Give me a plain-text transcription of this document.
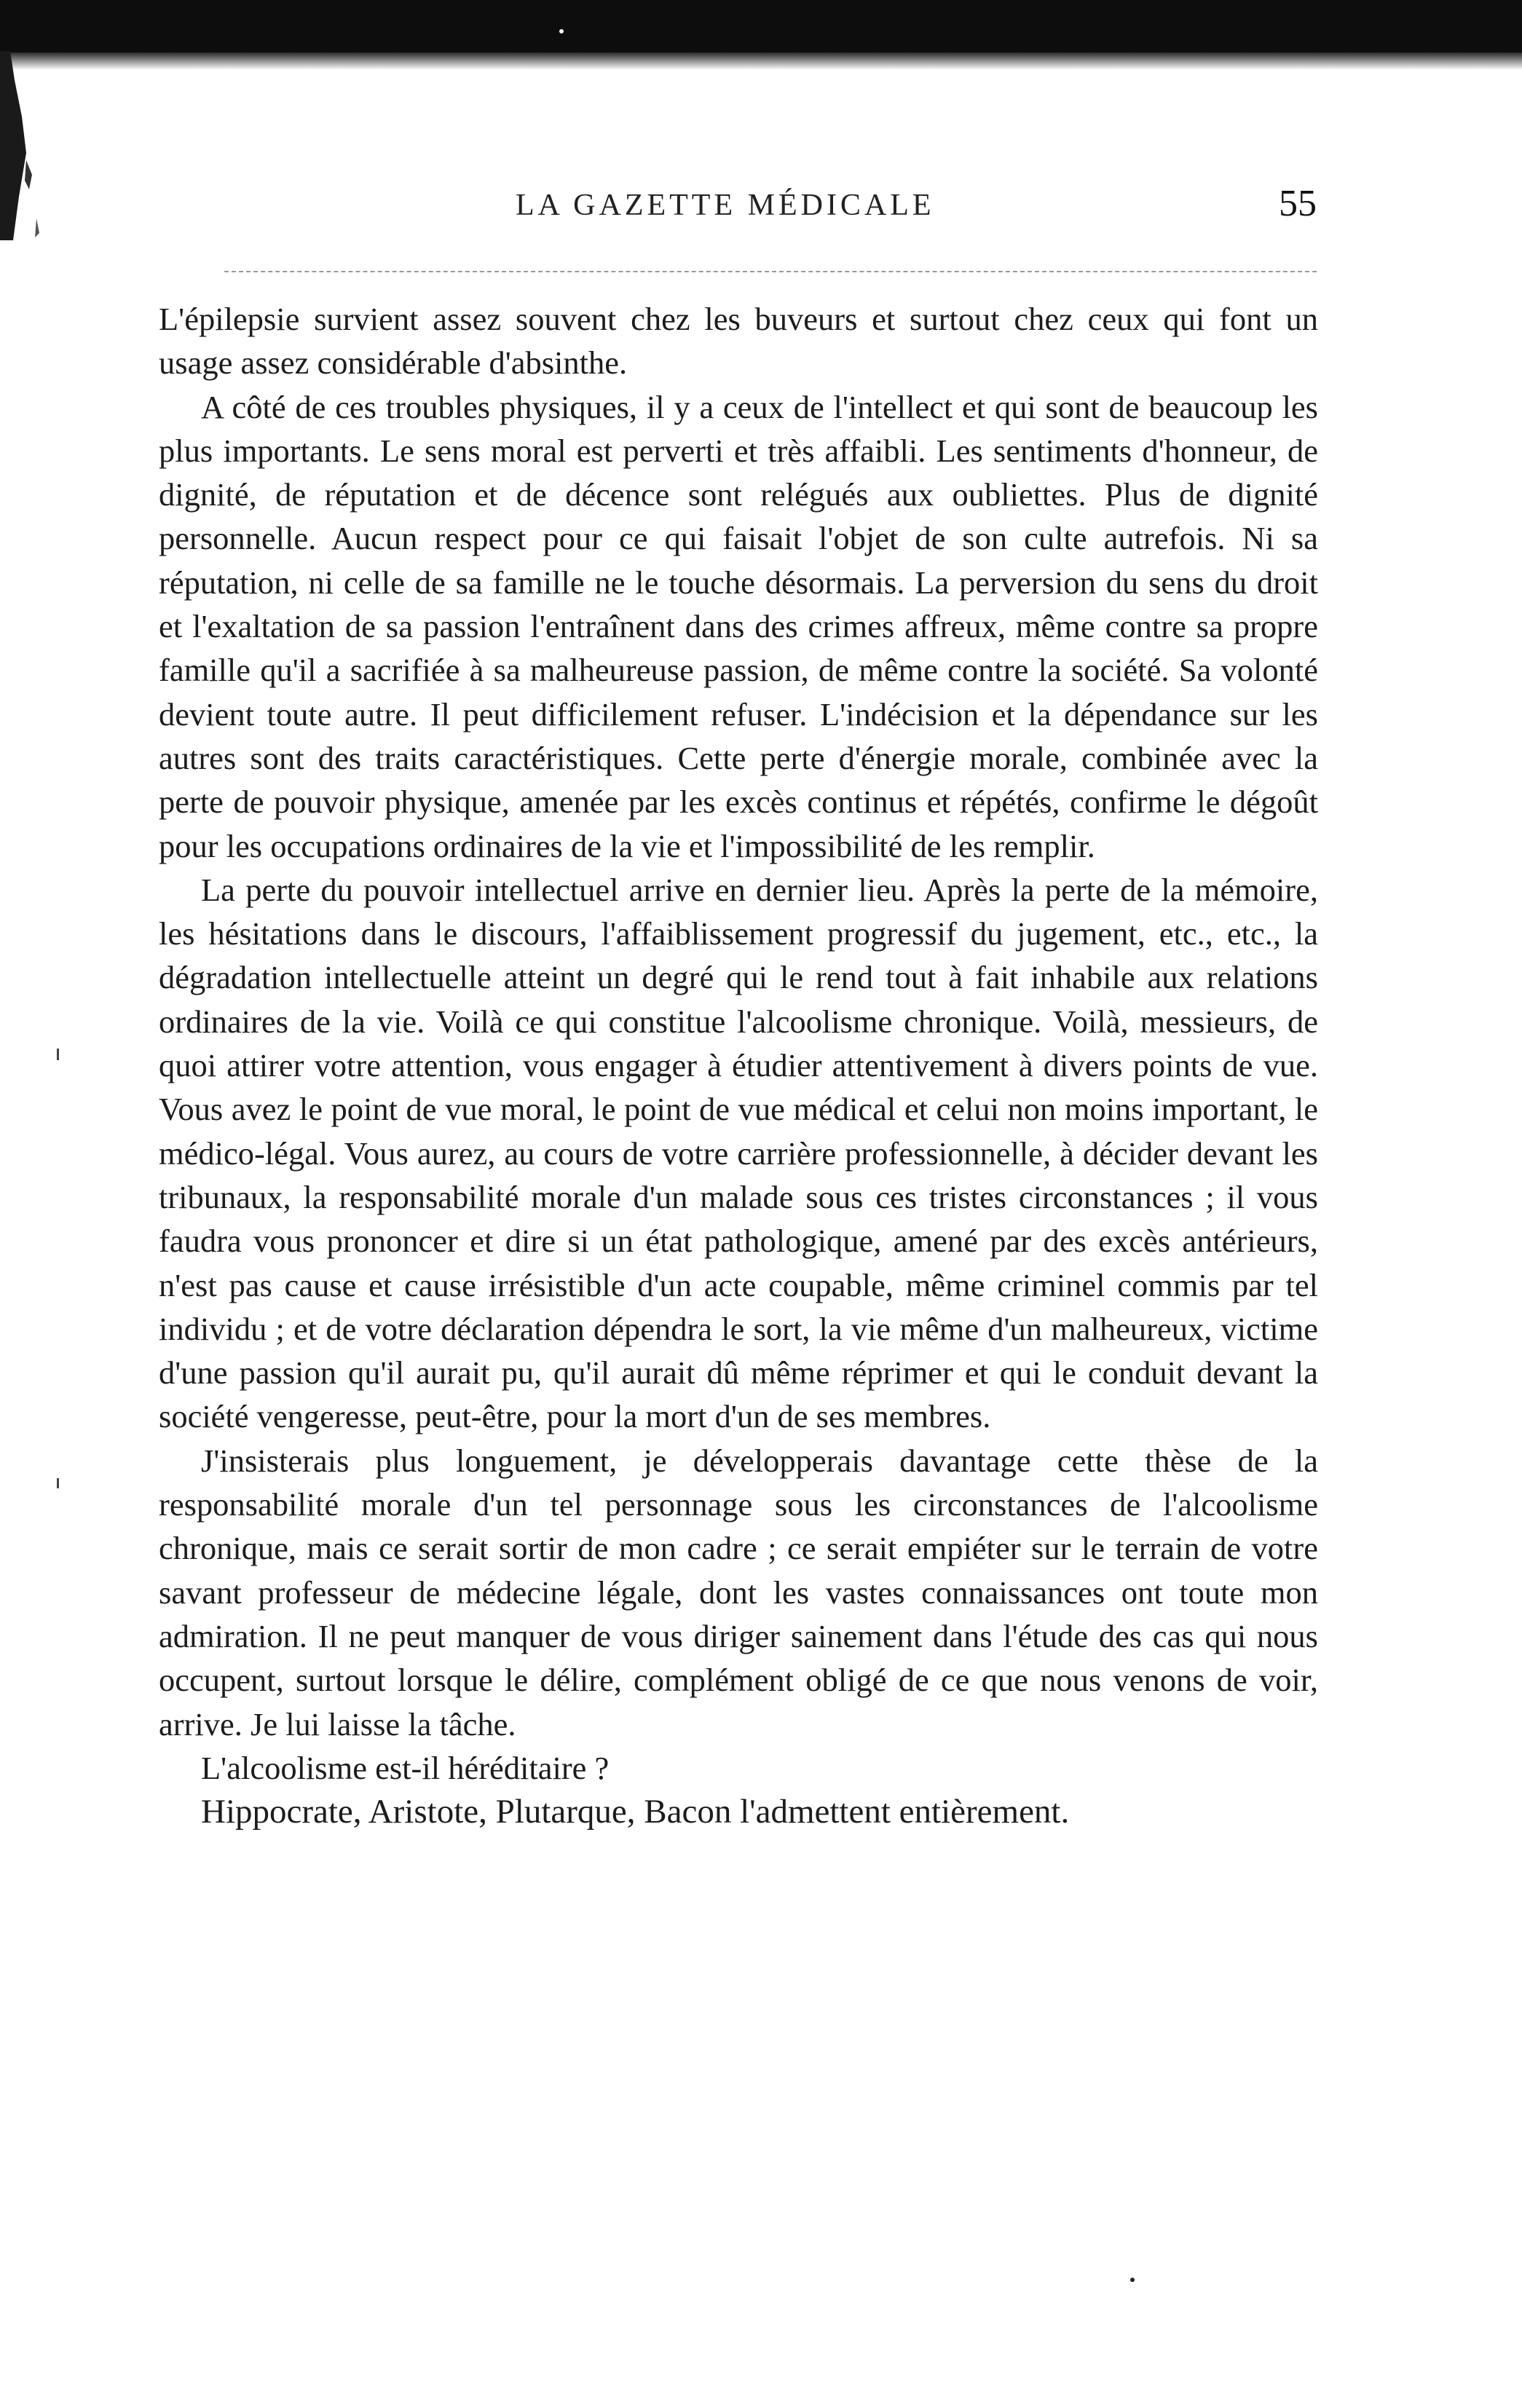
LA GAZETTE MÉDICALE	55

L'épilepsie survient assez souvent chez les buveurs et surtout chez ceux qui font un usage assez considérable d'absinthe.

A côté de ces troubles physiques, il y a ceux de l'intellect et qui sont de beaucoup les plus importants. Le sens moral est perverti et très affaibli. Les sentiments d'honneur, de dignité, de réputation et de décence sont relégués aux oubliettes. Plus de dignité personnelle. Aucun respect pour ce qui faisait l'objet de son culte autrefois. Ni sa réputation, ni celle de sa famille ne le touche désormais. La perversion du sens du droit et l'exaltation de sa passion l'entraînent dans des crimes affreux, même contre sa propre famille qu'il a sacrifiée à sa malheureuse passion, de même contre la société. Sa volonté devient toute autre. Il peut difficilement refuser. L'indécision et la dépendance sur les autres sont des traits caractéristiques. Cette perte d'énergie morale, combinée avec la perte de pouvoir physique, amenée par les excès continus et répétés, confirme le dégoût pour les occupations ordinaires de la vie et l'impossibilité de les remplir.

La perte du pouvoir intellectuel arrive en dernier lieu. Après la perte de la mémoire, les hésitations dans le discours, l'affaiblissement progressif du jugement, etc., etc., la dégradation intellectuelle atteint un degré qui le rend tout à fait inhabile aux relations ordinaires de la vie. Voilà ce qui constitue l'alcoolisme chronique. Voilà, messieurs, de quoi attirer votre attention, vous engager à étudier attentivement à divers points de vue. Vous avez le point de vue moral, le point de vue médical et celui non moins important, le médico-légal. Vous aurez, au cours de votre carrière professionnelle, à décider devant les tribunaux, la responsabilité morale d'un malade sous ces tristes circonstances ; il vous faudra vous prononcer et dire si un état pathologique, amené par des excès antérieurs, n'est pas cause et cause irrésistible d'un acte coupable, même criminel commis par tel individu ; et de votre déclaration dépendra le sort, la vie même d'un malheureux, victime d'une passion qu'il aurait pu, qu'il aurait dû même réprimer et qui le conduit devant la société vengeresse, peut-être, pour la mort d'un de ses membres.

J'insisterais plus longuement, je développerais davantage cette thèse de la responsabilité morale d'un tel personnage sous les circonstances de l'alcoolisme chronique, mais ce serait sortir de mon cadre ; ce serait empiéter sur le terrain de votre savant professeur de médecine légale, dont les vastes connaissances ont toute mon admiration. Il ne peut manquer de vous diriger sainement dans l'étude des cas qui nous occupent, surtout lorsque le délire, complément obligé de ce que nous venons de voir, arrive. Je lui laisse la tâche.

L'alcoolisme est-il héréditaire ?

Hippocrate, Aristote, Plutarque, Bacon l'admettent entièrement.
